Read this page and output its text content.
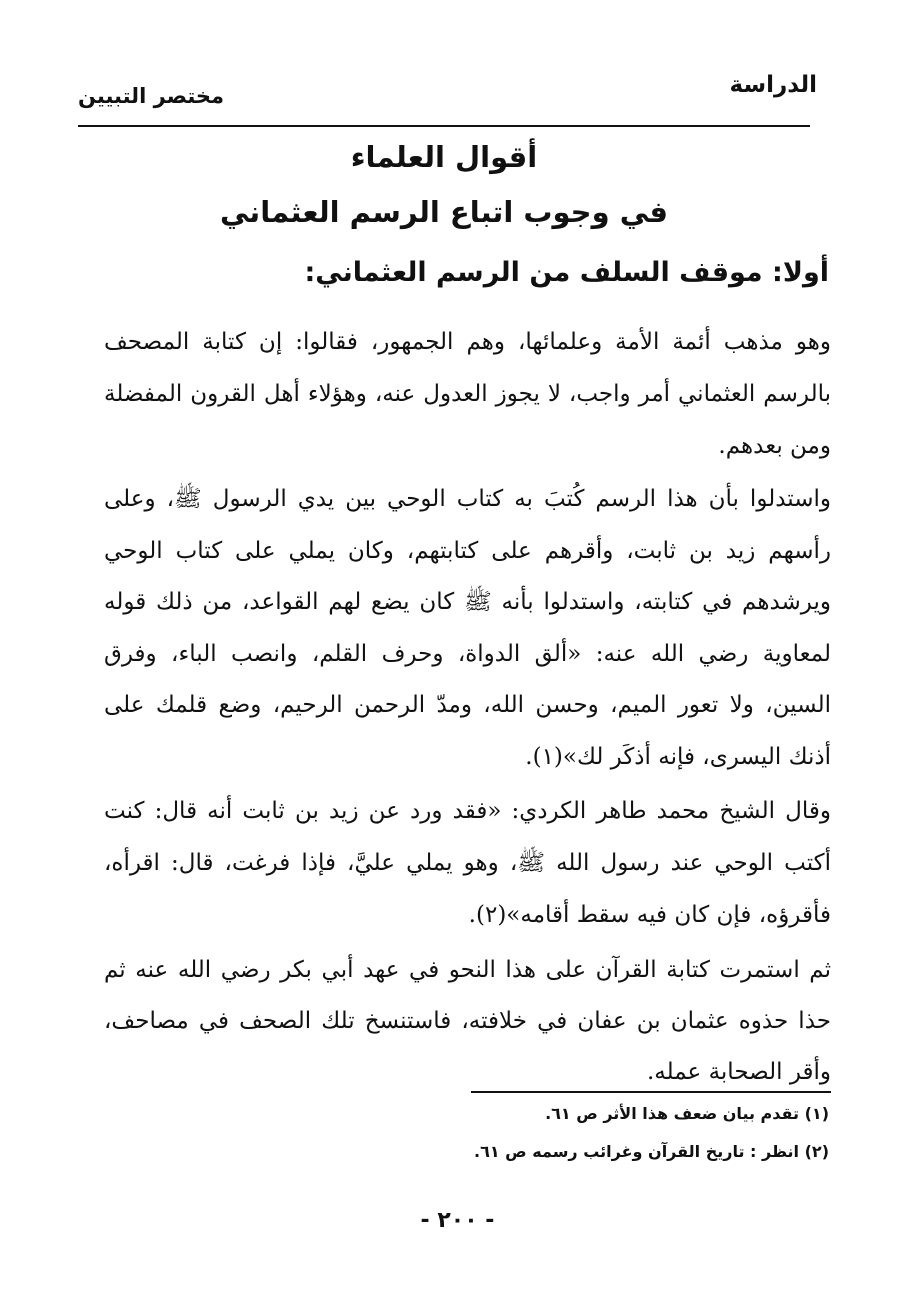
الدراسة
مختصر التبيين
أقوال العلماء
في وجوب اتباع الرسم العثماني
أولا: موقف السلف من الرسم العثماني:
وهو مذهب أئمة الأمة وعلمائها، وهم الجمهور، فقالوا: إن كتابة المصحف بالرسم العثماني أمر واجب، لا يجوز العدول عنه، وهؤلاء أهل القرون المفضلة ومن بعدهم.
واستدلوا بأن هذا الرسم كُتبَ به كتاب الوحي بين يدي الرسول ﷺ، وعلى رأسهم زيد بن ثابت، وأقرهم على كتابتهم، وكان يملي على كتاب الوحي ويرشدهم في كتابته، واستدلوا بأنه ﷺ كان يضع لهم القواعد، من ذلك قوله لمعاوية رضي الله عنه: «ألق الدواة، وحرف القلم، وانصب الباء، وفرق السين، ولا تعور الميم، وحسن الله، ومدّ الرحمن الرحيم، وضع قلمك على أذنك اليسرى، فإنه أذكَر لك»(١).
وقال الشيخ محمد طاهر الكردي: «فقد ورد عن زيد بن ثابت أنه قال: كنت أكتب الوحي عند رسول الله ﷺ، وهو يملي عليَّ، فإذا فرغت، قال: اقرأه، فأقرؤه، فإن كان فيه سقط أقامه»(٢).
ثم استمرت كتابة القرآن على هذا النحو في عهد أبي بكر رضي الله عنه ثم حذا حذوه عثمان بن عفان في خلافته، فاستنسخ تلك الصحف في مصاحف، وأقر الصحابة عمله.
(١) تقدم بيان ضعف هذا الأثر ص ٦١.
(٢) انظر : تاريخ القرآن وغرائب رسمه ص ٦١.
- ٢٠٠ -
